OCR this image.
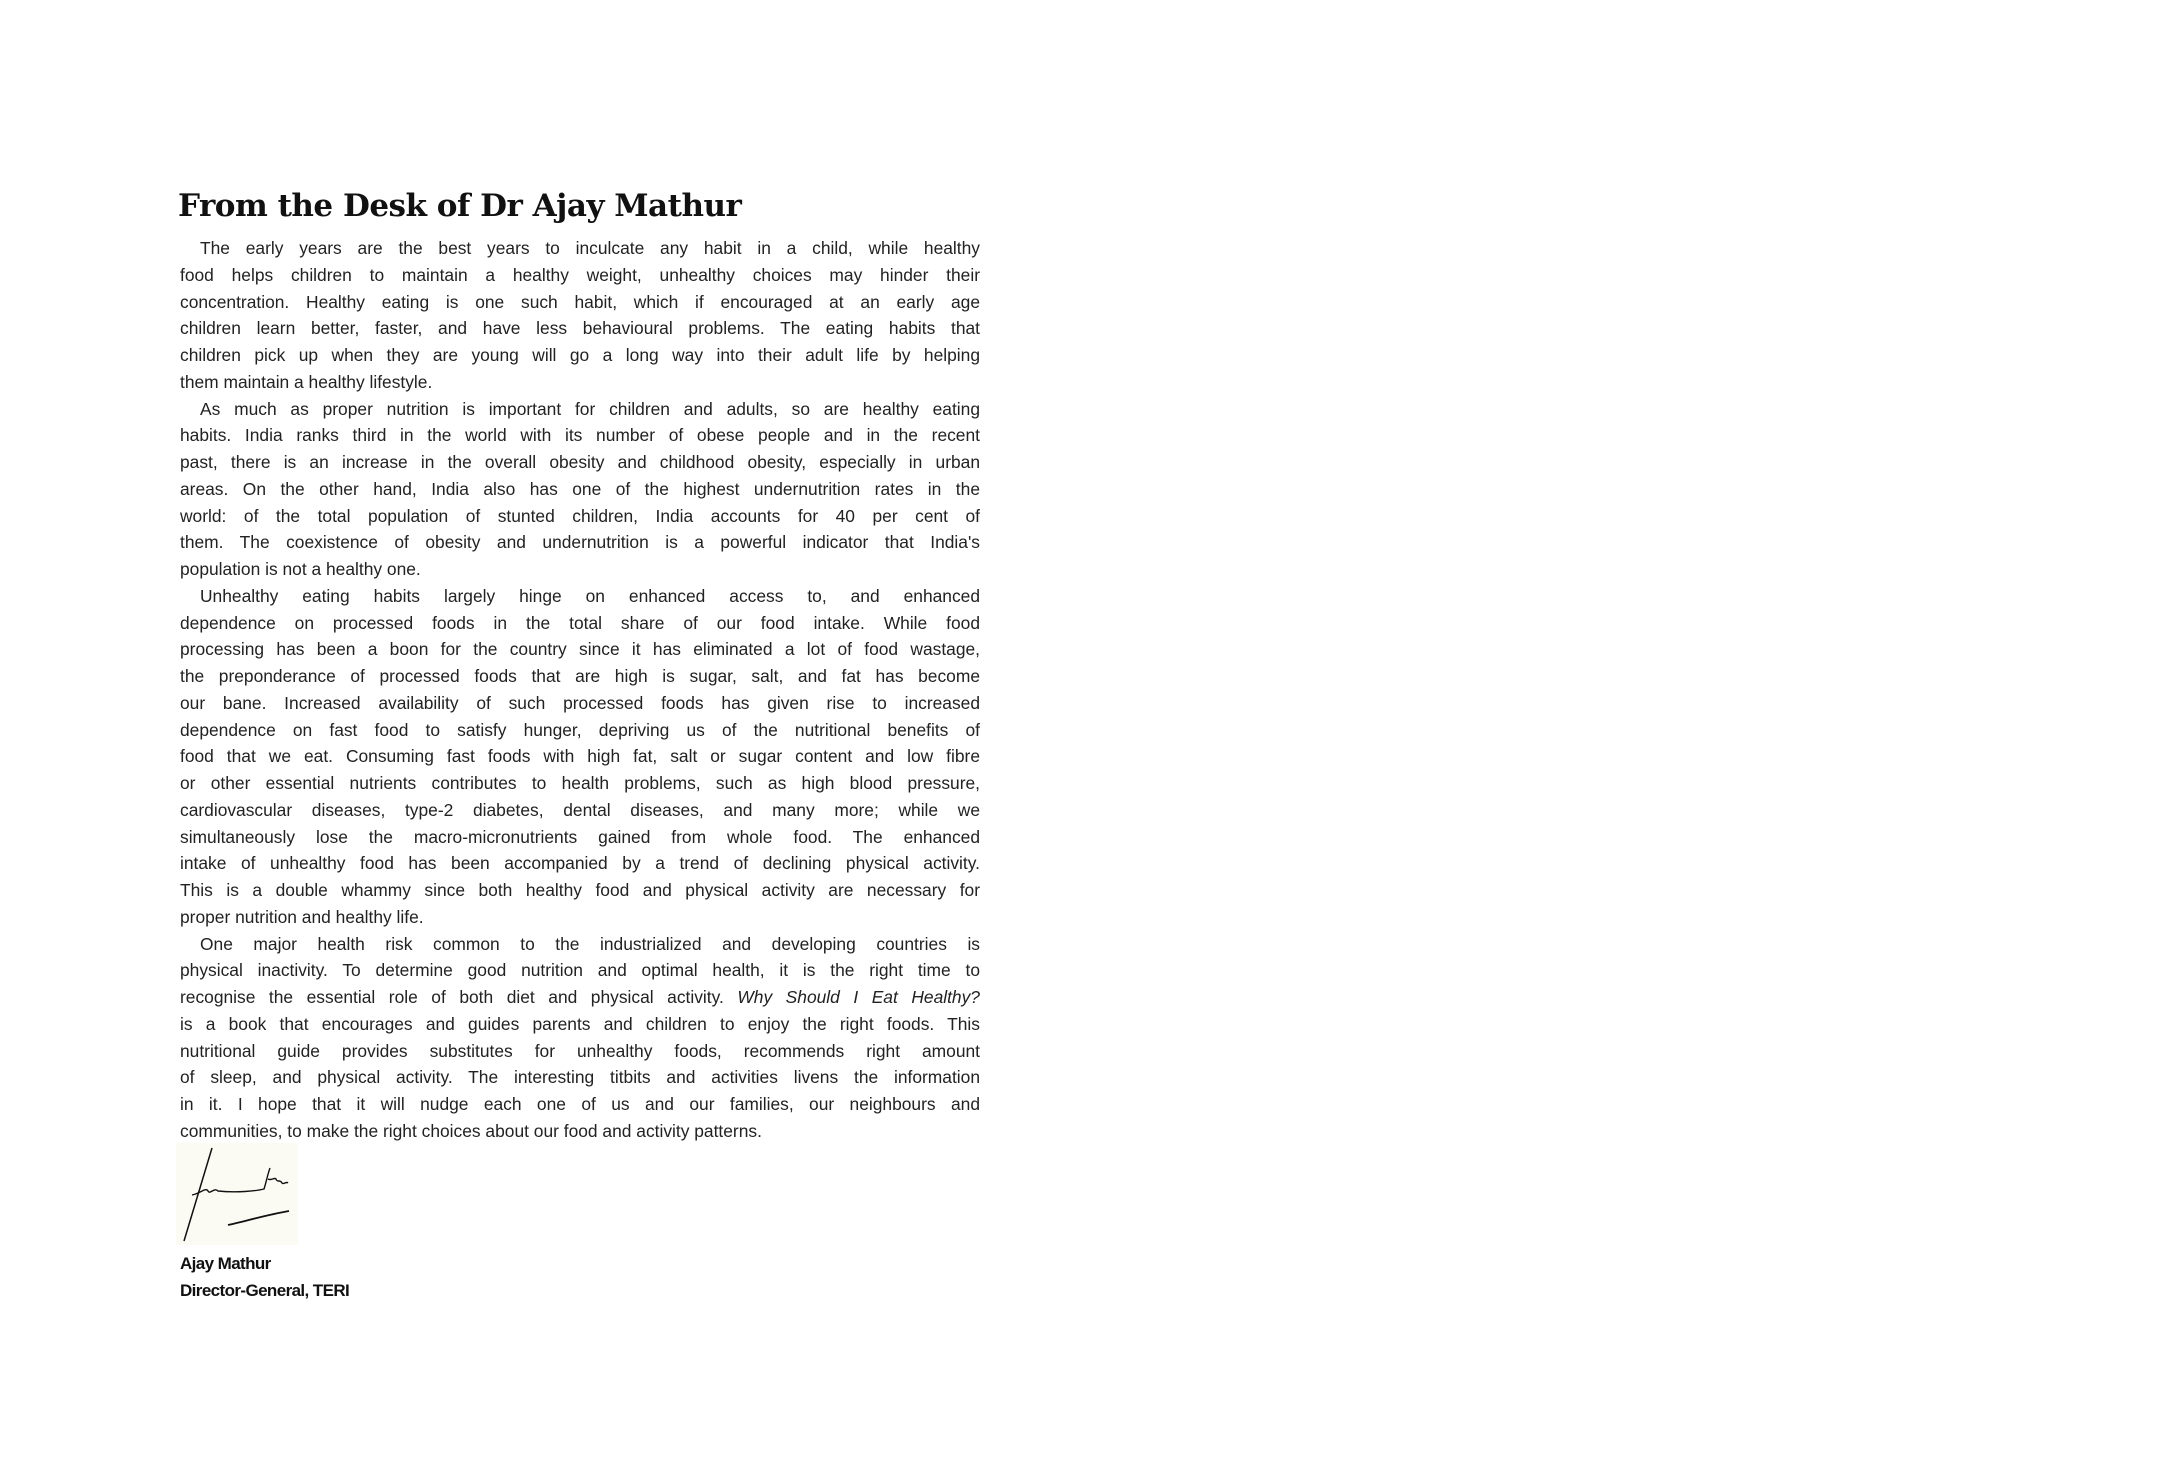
From the Desk of Dr Ajay Mathur
The early years are the best years to inculcate any habit in a child, while healthy
food helps children to maintain a healthy weight, unhealthy choices may hinder their
concentration. Healthy eating is one such habit, which if encouraged at an early age
children learn better, faster, and have less behavioural problems. The eating habits that
children pick up when they are young will go a long way into their adult life by helping
them maintain a healthy lifestyle.
As much as proper nutrition is important for children and adults, so are healthy eating
habits. India ranks third in the world with its number of obese people and in the recent
past, there is an increase in the overall obesity and childhood obesity, especially in urban
areas. On the other hand, India also has one of the highest undernutrition rates in the
world: of the total population of stunted children, India accounts for 40 per cent of
them. The coexistence of obesity and undernutrition is a powerful indicator that India's
population is not a healthy one.
Unhealthy eating habits largely hinge on enhanced access to, and enhanced
dependence on processed foods in the total share of our food intake. While food
processing has been a boon for the country since it has eliminated a lot of food wastage,
the preponderance of processed foods that are high is sugar, salt, and fat has become
our bane. Increased availability of such processed foods has given rise to increased
dependence on fast food to satisfy hunger, depriving us of the nutritional benefits of
food that we eat. Consuming fast foods with high fat, salt or sugar content and low fibre
or other essential nutrients contributes to health problems, such as high blood pressure,
cardiovascular diseases, type-2 diabetes, dental diseases, and many more; while we
simultaneously lose the macro-micronutrients gained from whole food. The enhanced
intake of unhealthy food has been accompanied by a trend of declining physical activity.
This is a double whammy since both healthy food and physical activity are necessary for
proper nutrition and healthy life.
One major health risk common to the industrialized and developing countries is
physical inactivity. To determine good nutrition and optimal health, it is the right time to
recognise the essential role of both diet and physical activity. Why Should I Eat Healthy?
is a book that encourages and guides parents and children to enjoy the right foods. This
nutritional guide provides substitutes for unhealthy foods, recommends right amount
of sleep, and physical activity. The interesting titbits and activities livens the information
in it. I hope that it will nudge each one of us and our families, our neighbours and
communities, to make the right choices about our food and activity patterns.
Ajay Mathur
Director-General, TERI
